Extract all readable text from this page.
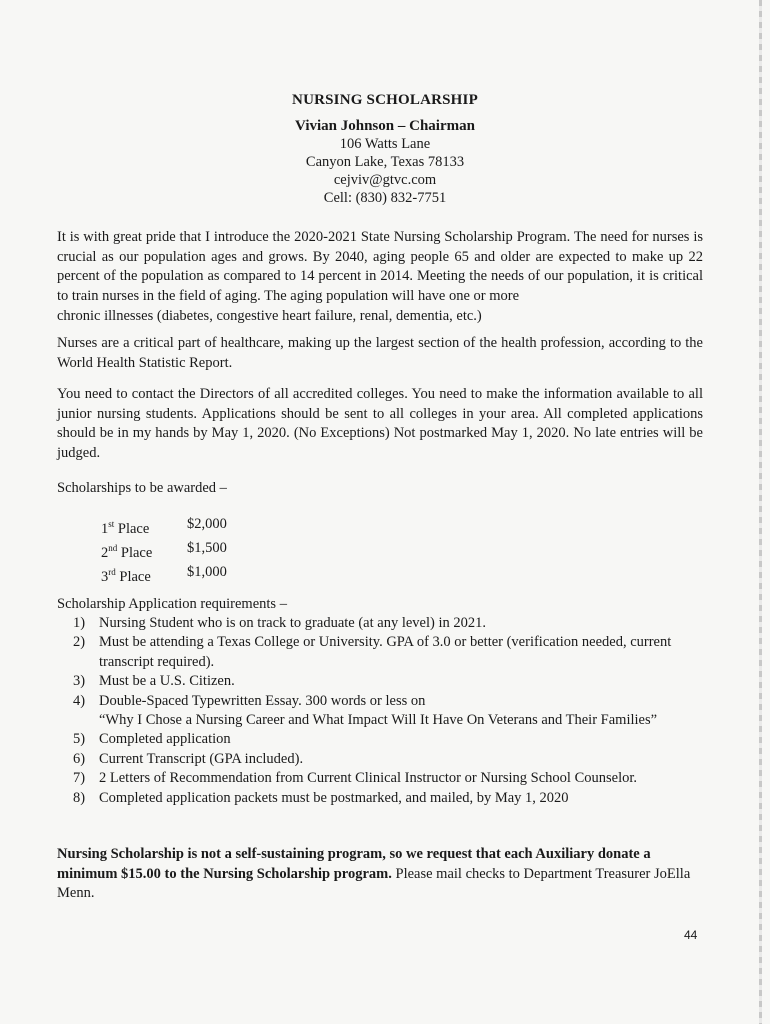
NURSING SCHOLARSHIP
Vivian Johnson – Chairman
106 Watts Lane
Canyon Lake, Texas 78133
cejviv@gtvc.com
Cell: (830) 832-7751

It is with great pride that I introduce the 2020-2021 State Nursing Scholarship Program. The need for nurses is crucial as our population ages and grows. By 2040, aging people 65 and older are expected to make up 22 percent of the population as compared to 14 percent in 2014. Meeting the needs of our population, it is critical to train nurses in the field of aging. The aging population will have one or more

chronic illnesses (diabetes, congestive heart failure, renal, dementia, etc.)

Nurses are a critical part of healthcare, making up the largest section of the health profession, according to the World Health Statistic Report.

You need to contact the Directors of all accredited colleges. You need to make the information available to all junior nursing students. Applications should be sent to all colleges in your area. All completed applications should be in my hands by May 1, 2020. (No Exceptions) Not postmarked May 1, 2020. No late entries will be judged.

Scholarships to be awarded –
1st Place	$2,000
2nd Place	$1,500
3rd Place	$1,000
Scholarship Application requirements –
1) Nursing Student who is on track to graduate (at any level) in 2021.
2) Must be attending a Texas College or University. GPA of 3.0 or better (verification needed, current transcript required).
3) Must be a U.S. Citizen.
4) Double-Spaced Typewritten Essay. 300 words or less on
“Why I Chose a Nursing Career and What Impact Will It Have On Veterans and Their Families”
5) Completed application
6) Current Transcript (GPA included).
7) 2 Letters of Recommendation from Current Clinical Instructor or Nursing School Counselor.
8) Completed application packets must be postmarked, and mailed, by May 1, 2020

Nursing Scholarship is not a self-sustaining program, so we request that each Auxiliary donate a minimum $15.00 to the Nursing Scholarship program. Please mail checks to Department Treasurer JoElla Menn.

44
